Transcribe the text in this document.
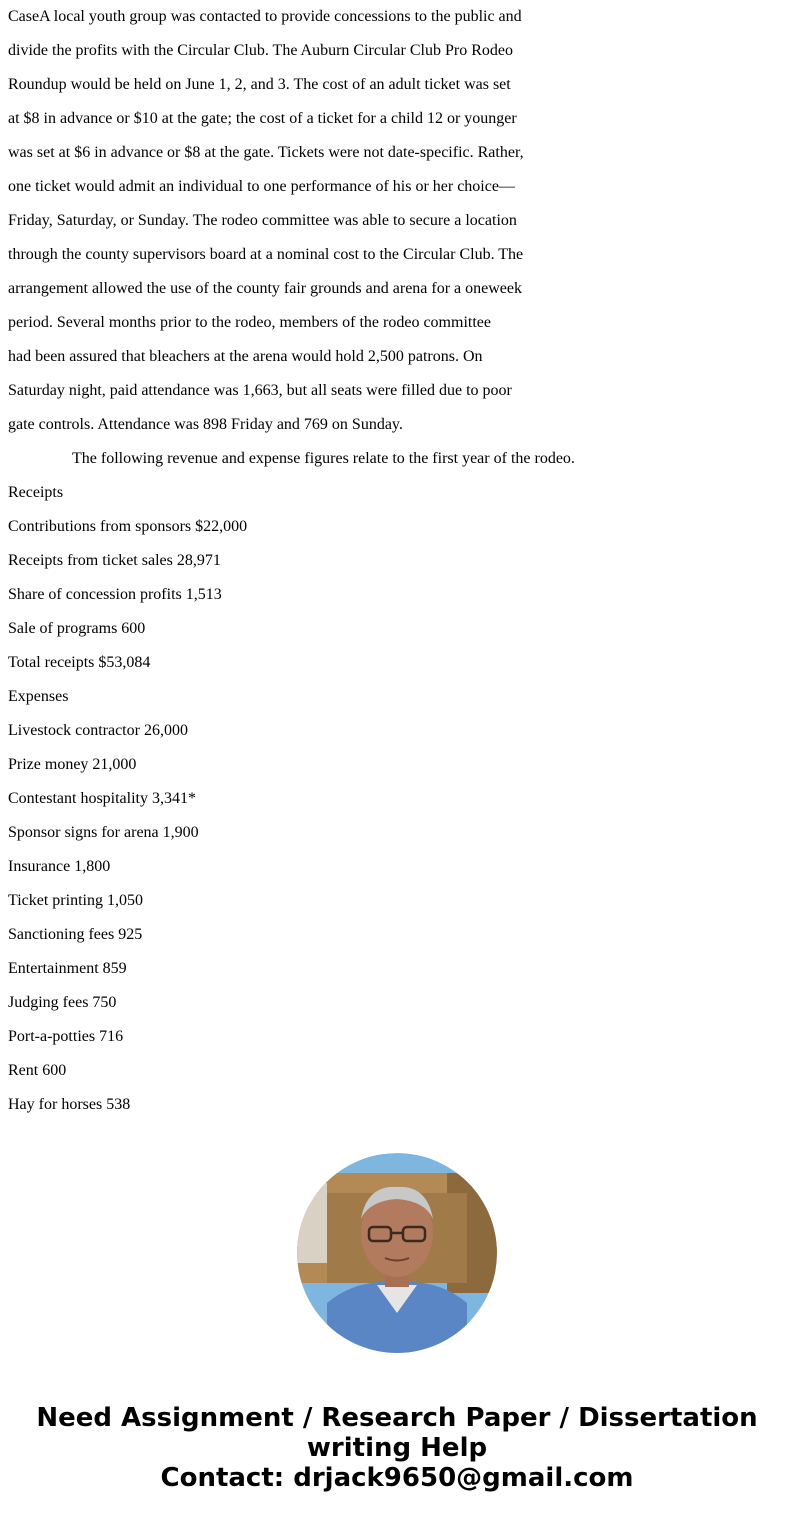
CaseA local youth group was contacted to provide concessions to the public and
divide the profits with the Circular Club. The Auburn Circular Club Pro Rodeo
Roundup would be held on June 1, 2, and 3. The cost of an adult ticket was set
at $8 in advance or $10 at the gate; the cost of a ticket for a child 12 or younger
was set at $6 in advance or $8 at the gate. Tickets were not date-specific. Rather,
one ticket would admit an individual to one performance of his or her choice—
Friday, Saturday, or Sunday. The rodeo committee was able to secure a location
through the county supervisors board at a nominal cost to the Circular Club. The
arrangement allowed the use of the county fair grounds and arena for a oneweek
period. Several months prior to the rodeo, members of the rodeo committee
had been assured that bleachers at the arena would hold 2,500 patrons. On
Saturday night, paid attendance was 1,663, but all seats were filled due to poor
gate controls. Attendance was 898 Friday and 769 on Sunday.
The following revenue and expense figures relate to the first year of the rodeo.
Receipts
Contributions from sponsors $22,000
Receipts from ticket sales 28,971
Share of concession profits 1,513
Sale of programs 600
Total receipts $53,084
Expenses
Livestock contractor 26,000
Prize money 21,000
Contestant hospitality 3,341*
Sponsor signs for arena 1,900
Insurance 1,800
Ticket printing 1,050
Sanctioning fees 925
Entertainment 859
Judging fees 750
Port-a-potties 716
Rent 600
Hay for horses 538
Need Assignment / Research Paper / Dissertation
writing Help
Contact: drjack9650@gmail.com
